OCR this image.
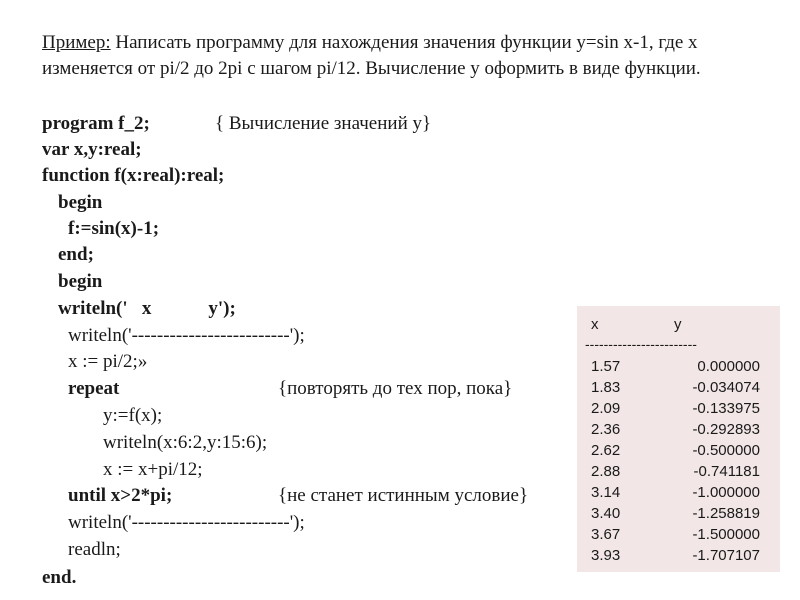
Пример: Написать программу для нахождения значения функции y=sin x-1, где x изменяется от pi/2 до 2pi с шагом pi/12. Вычисление y оформить в виде функции.
program f_2;	{ Вычисление значений y}
var x,y:real;
function f(x:real):real;
begin
f:=sin(x)-1;
end;
begin
writeln('   x            y');
writeln('-------------------------');
x := pi/2;»
repeat	{повторять до тех пор, пока}
y:=f(x);
writeln(x:6:2,y:15:6);
x := x+pi/12;
until x>2*pi;	{не станет истинным условие}
writeln('-------------------------');
readln;
end.
x	y
------------------------
1.57	0.000000
1.83	-0.034074
2.09	-0.133975
2.36	-0.292893
2.62	-0.500000
2.88	-0.741181
3.14	-1.000000
3.40	-1.258819
3.67	-1.500000
3.93	-1.707107
